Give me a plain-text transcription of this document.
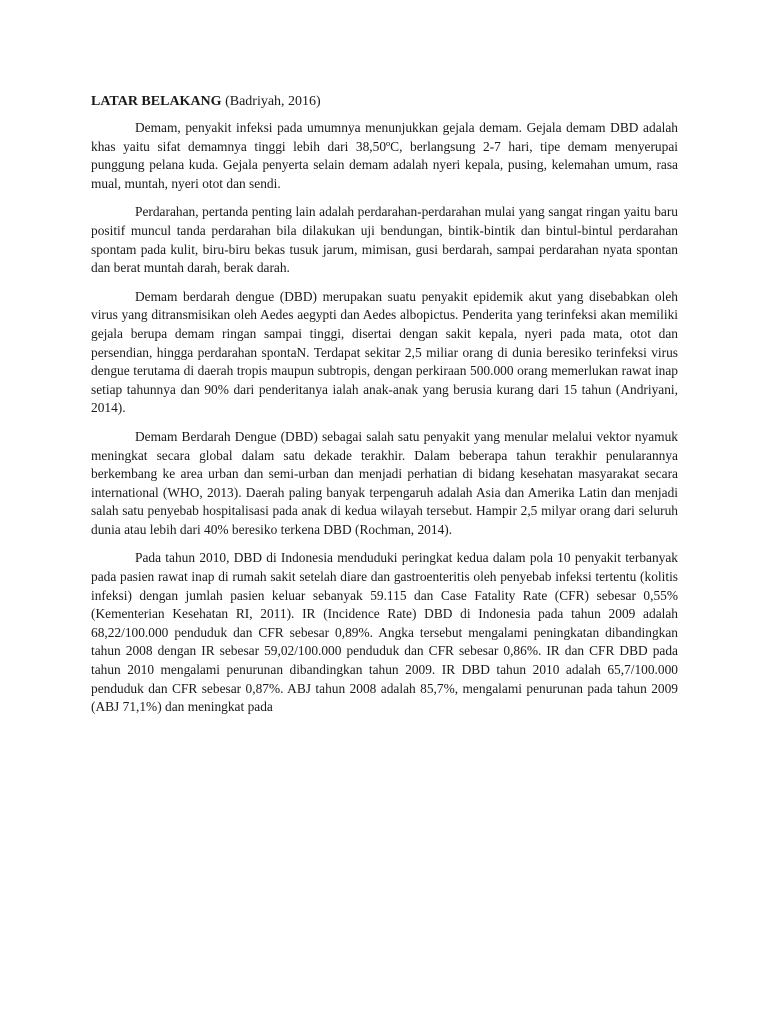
LATAR BELAKANG (Badriyah, 2016)

Demam, penyakit infeksi pada umumnya menunjukkan gejala demam. Gejala demam DBD adalah khas yaitu sifat demamnya tinggi lebih dari 38,50ºC, berlangsung 2-7 hari, tipe demam menyerupai punggung pelana kuda. Gejala penyerta selain demam adalah nyeri kepala, pusing, kelemahan umum, rasa mual, muntah, nyeri otot dan sendi.

Perdarahan, pertanda penting lain adalah perdarahan-perdarahan mulai yang sangat ringan yaitu baru positif muncul tanda perdarahan bila dilakukan uji bendungan, bintik-bintik dan bintul-bintul perdarahan spontam pada kulit, biru-biru bekas tusuk jarum, mimisan, gusi berdarah, sampai perdarahan nyata spontan dan berat muntah darah, berak darah.

Demam berdarah dengue (DBD) merupakan suatu penyakit epidemik akut yang disebabkan oleh virus yang ditransmisikan oleh Aedes aegypti dan Aedes albopictus. Penderita yang terinfeksi akan memiliki gejala berupa demam ringan sampai tinggi, disertai dengan sakit kepala, nyeri pada mata, otot dan persendian, hingga perdarahan spontaN. Terdapat sekitar 2,5 miliar orang di dunia beresiko terinfeksi virus dengue terutama di daerah tropis maupun subtropis, dengan perkiraan 500.000 orang memerlukan rawat inap setiap tahunnya dan 90% dari penderitanya ialah anak-anak yang berusia kurang dari 15 tahun (Andriyani, 2014).

Demam Berdarah Dengue (DBD) sebagai salah satu penyakit yang menular melalui vektor nyamuk meningkat secara global dalam satu dekade terakhir. Dalam beberapa tahun terakhir penularannya berkembang ke area urban dan semi-urban dan menjadi perhatian di bidang kesehatan masyarakat secara international (WHO, 2013). Daerah paling banyak terpengaruh adalah Asia dan Amerika Latin dan menjadi salah satu penyebab hospitalisasi pada anak di kedua wilayah tersebut. Hampir 2,5 milyar orang dari seluruh dunia atau lebih dari 40% beresiko terkena DBD (Rochman, 2014).

Pada tahun 2010, DBD di Indonesia menduduki peringkat kedua dalam pola 10 penyakit terbanyak pada pasien rawat inap di rumah sakit setelah diare dan gastroenteritis oleh penyebab infeksi tertentu (kolitis infeksi) dengan jumlah pasien keluar sebanyak 59.115 dan Case Fatality Rate (CFR) sebesar 0,55% (Kementerian Kesehatan RI, 2011). IR (Incidence Rate) DBD di Indonesia pada tahun 2009 adalah 68,22/100.000 penduduk dan CFR sebesar 0,89%. Angka tersebut mengalami peningkatan dibandingkan tahun 2008 dengan IR sebesar 59,02/100.000 penduduk dan CFR sebesar 0,86%. IR dan CFR DBD pada tahun 2010 mengalami penurunan dibandingkan tahun 2009. IR DBD tahun 2010 adalah 65,7/100.000 penduduk dan CFR sebesar 0,87%. ABJ tahun 2008 adalah 85,7%, mengalami penurunan pada tahun 2009 (ABJ 71,1%) dan meningkat pada
